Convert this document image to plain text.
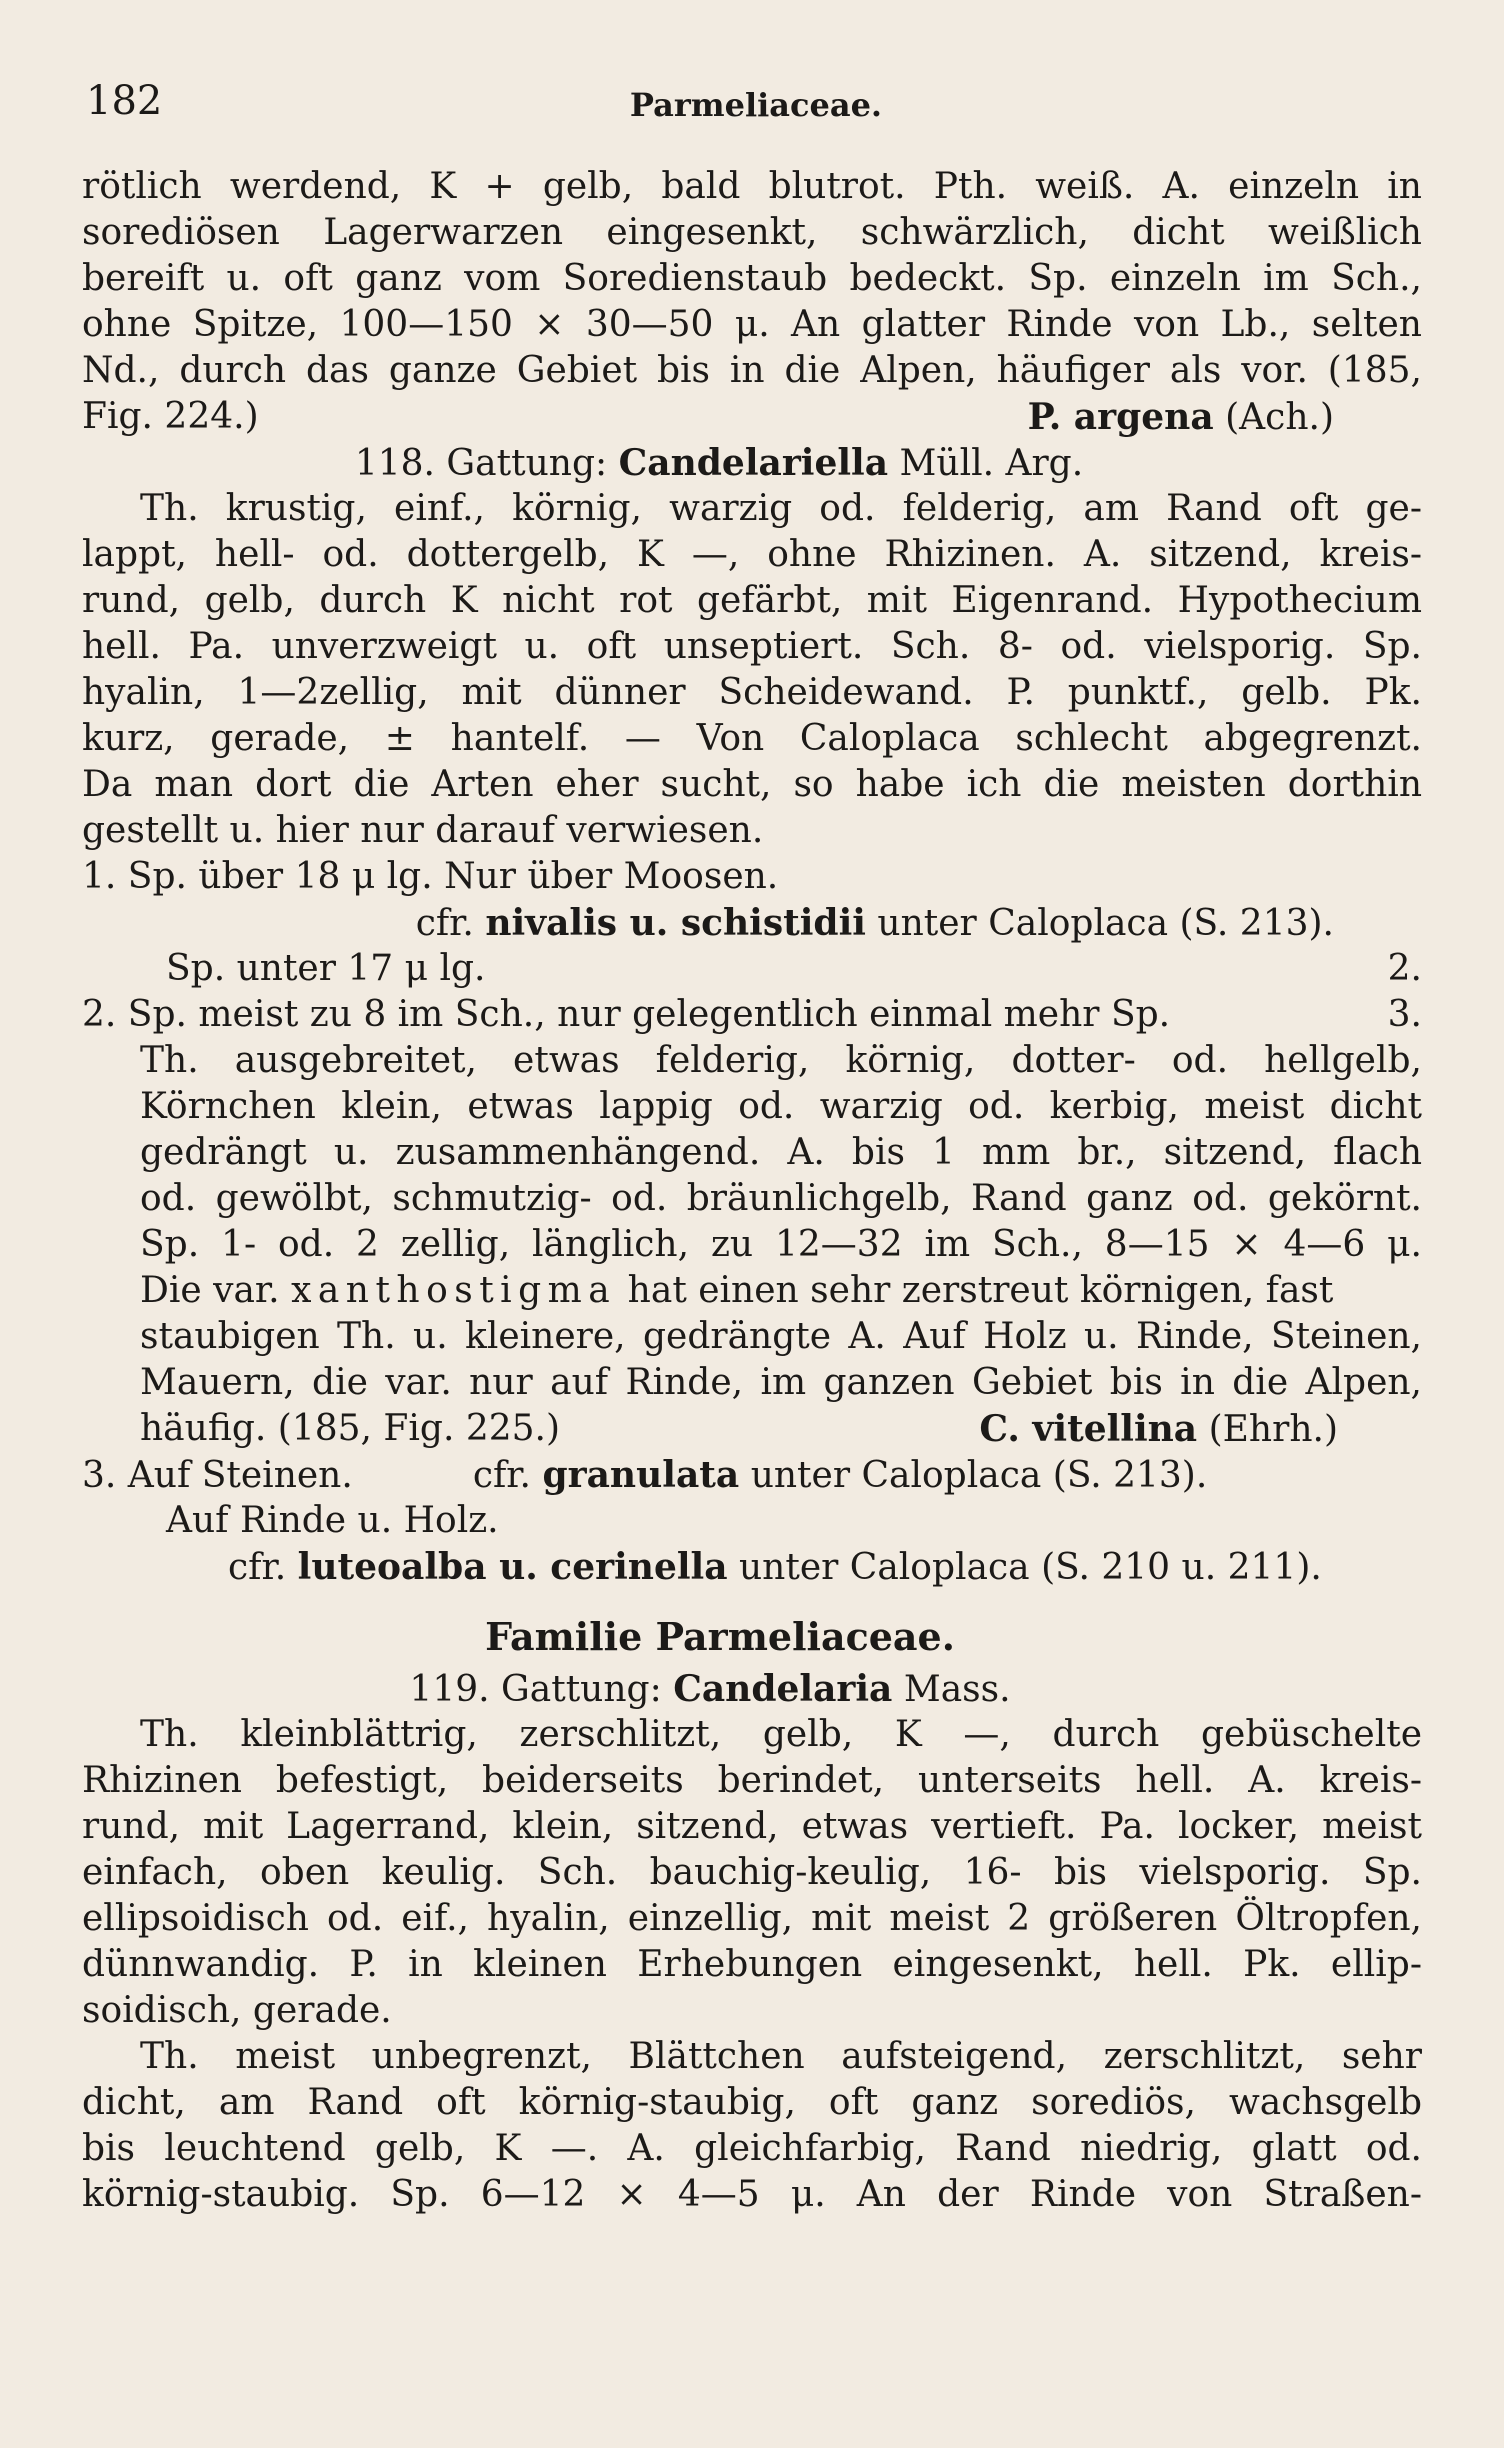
182	Parmeliaceae.
rötlich werdend, K + gelb, bald blutrot. Pth. weiß. A. einzeln in
sorediösen Lagerwarzen eingesenkt, schwärzlich, dicht weißlich
bereift u. oft ganz vom Soredienstaub bedeckt. Sp. einzeln im Sch.,
ohne Spitze, 100—150 × 30—50 μ. An glatter Rinde von Lb., selten
Nd., durch das ganze Gebiet bis in die Alpen, häufiger als vor. (185,
Fig. 224.)	P. argena (Ach.)
118. Gattung: Candelariella Müll. Arg.
Th. krustig, einf., körnig, warzig od. felderig, am Rand oft ge-
lappt, hell- od. dottergelb, K —, ohne Rhizinen. A. sitzend, kreis-
rund, gelb, durch K nicht rot gefärbt, mit Eigenrand. Hypothecium
hell. Pa. unverzweigt u. oft unseptiert. Sch. 8- od. vielsporig. Sp.
hyalin, 1—2zellig, mit dünner Scheidewand. P. punktf., gelb. Pk.
kurz, gerade, ± hantelf. — Von Caloplaca schlecht abgegrenzt.
Da man dort die Arten eher sucht, so habe ich die meisten dorthin
gestellt u. hier nur darauf verwiesen.
1. Sp. über 18 μ lg. Nur über Moosen.
cfr. nivalis u. schistidii unter Caloplaca (S. 213).
Sp. unter 17 μ lg.	2.
2. Sp. meist zu 8 im Sch., nur gelegentlich einmal mehr Sp.	3.
Th. ausgebreitet, etwas felderig, körnig, dotter- od. hellgelb,
Körnchen klein, etwas lappig od. warzig od. kerbig, meist dicht
gedrängt u. zusammenhängend. A. bis 1 mm br., sitzend, flach
od. gewölbt, schmutzig- od. bräunlichgelb, Rand ganz od. gekörnt.
Sp. 1- od. 2 zellig, länglich, zu 12—32 im Sch., 8—15 × 4—6 μ.
Die var. xanthostigma hat einen sehr zerstreut körnigen, fast
staubigen Th. u. kleinere, gedrängte A. Auf Holz u. Rinde, Steinen,
Mauern, die var. nur auf Rinde, im ganzen Gebiet bis in die Alpen,
häufig. (185, Fig. 225.)	C. vitellina (Ehrh.)
3. Auf Steinen.	cfr. granulata unter Caloplaca (S. 213).
Auf Rinde u. Holz.
cfr. luteoalba u. cerinella unter Caloplaca (S. 210 u. 211).
Familie Parmeliaceae.
119. Gattung: Candelaria Mass.
Th. kleinblättrig, zerschlitzt, gelb, K —, durch gebüschelte
Rhizinen befestigt, beiderseits berindet, unterseits hell. A. kreis-
rund, mit Lagerrand, klein, sitzend, etwas vertieft. Pa. locker, meist
einfach, oben keulig. Sch. bauchig-keulig, 16- bis vielsporig. Sp.
ellipsoidisch od. eif., hyalin, einzellig, mit meist 2 größeren Öltropfen,
dünnwandig. P. in kleinen Erhebungen eingesenkt, hell. Pk. ellip-
soidisch, gerade.
Th. meist unbegrenzt, Blättchen aufsteigend, zerschlitzt, sehr
dicht, am Rand oft körnig-staubig, oft ganz sorediös, wachsgelb
bis leuchtend gelb, K —. A. gleichfarbig, Rand niedrig, glatt od.
körnig-staubig. Sp. 6—12 × 4—5 μ. An der Rinde von Straßen-
